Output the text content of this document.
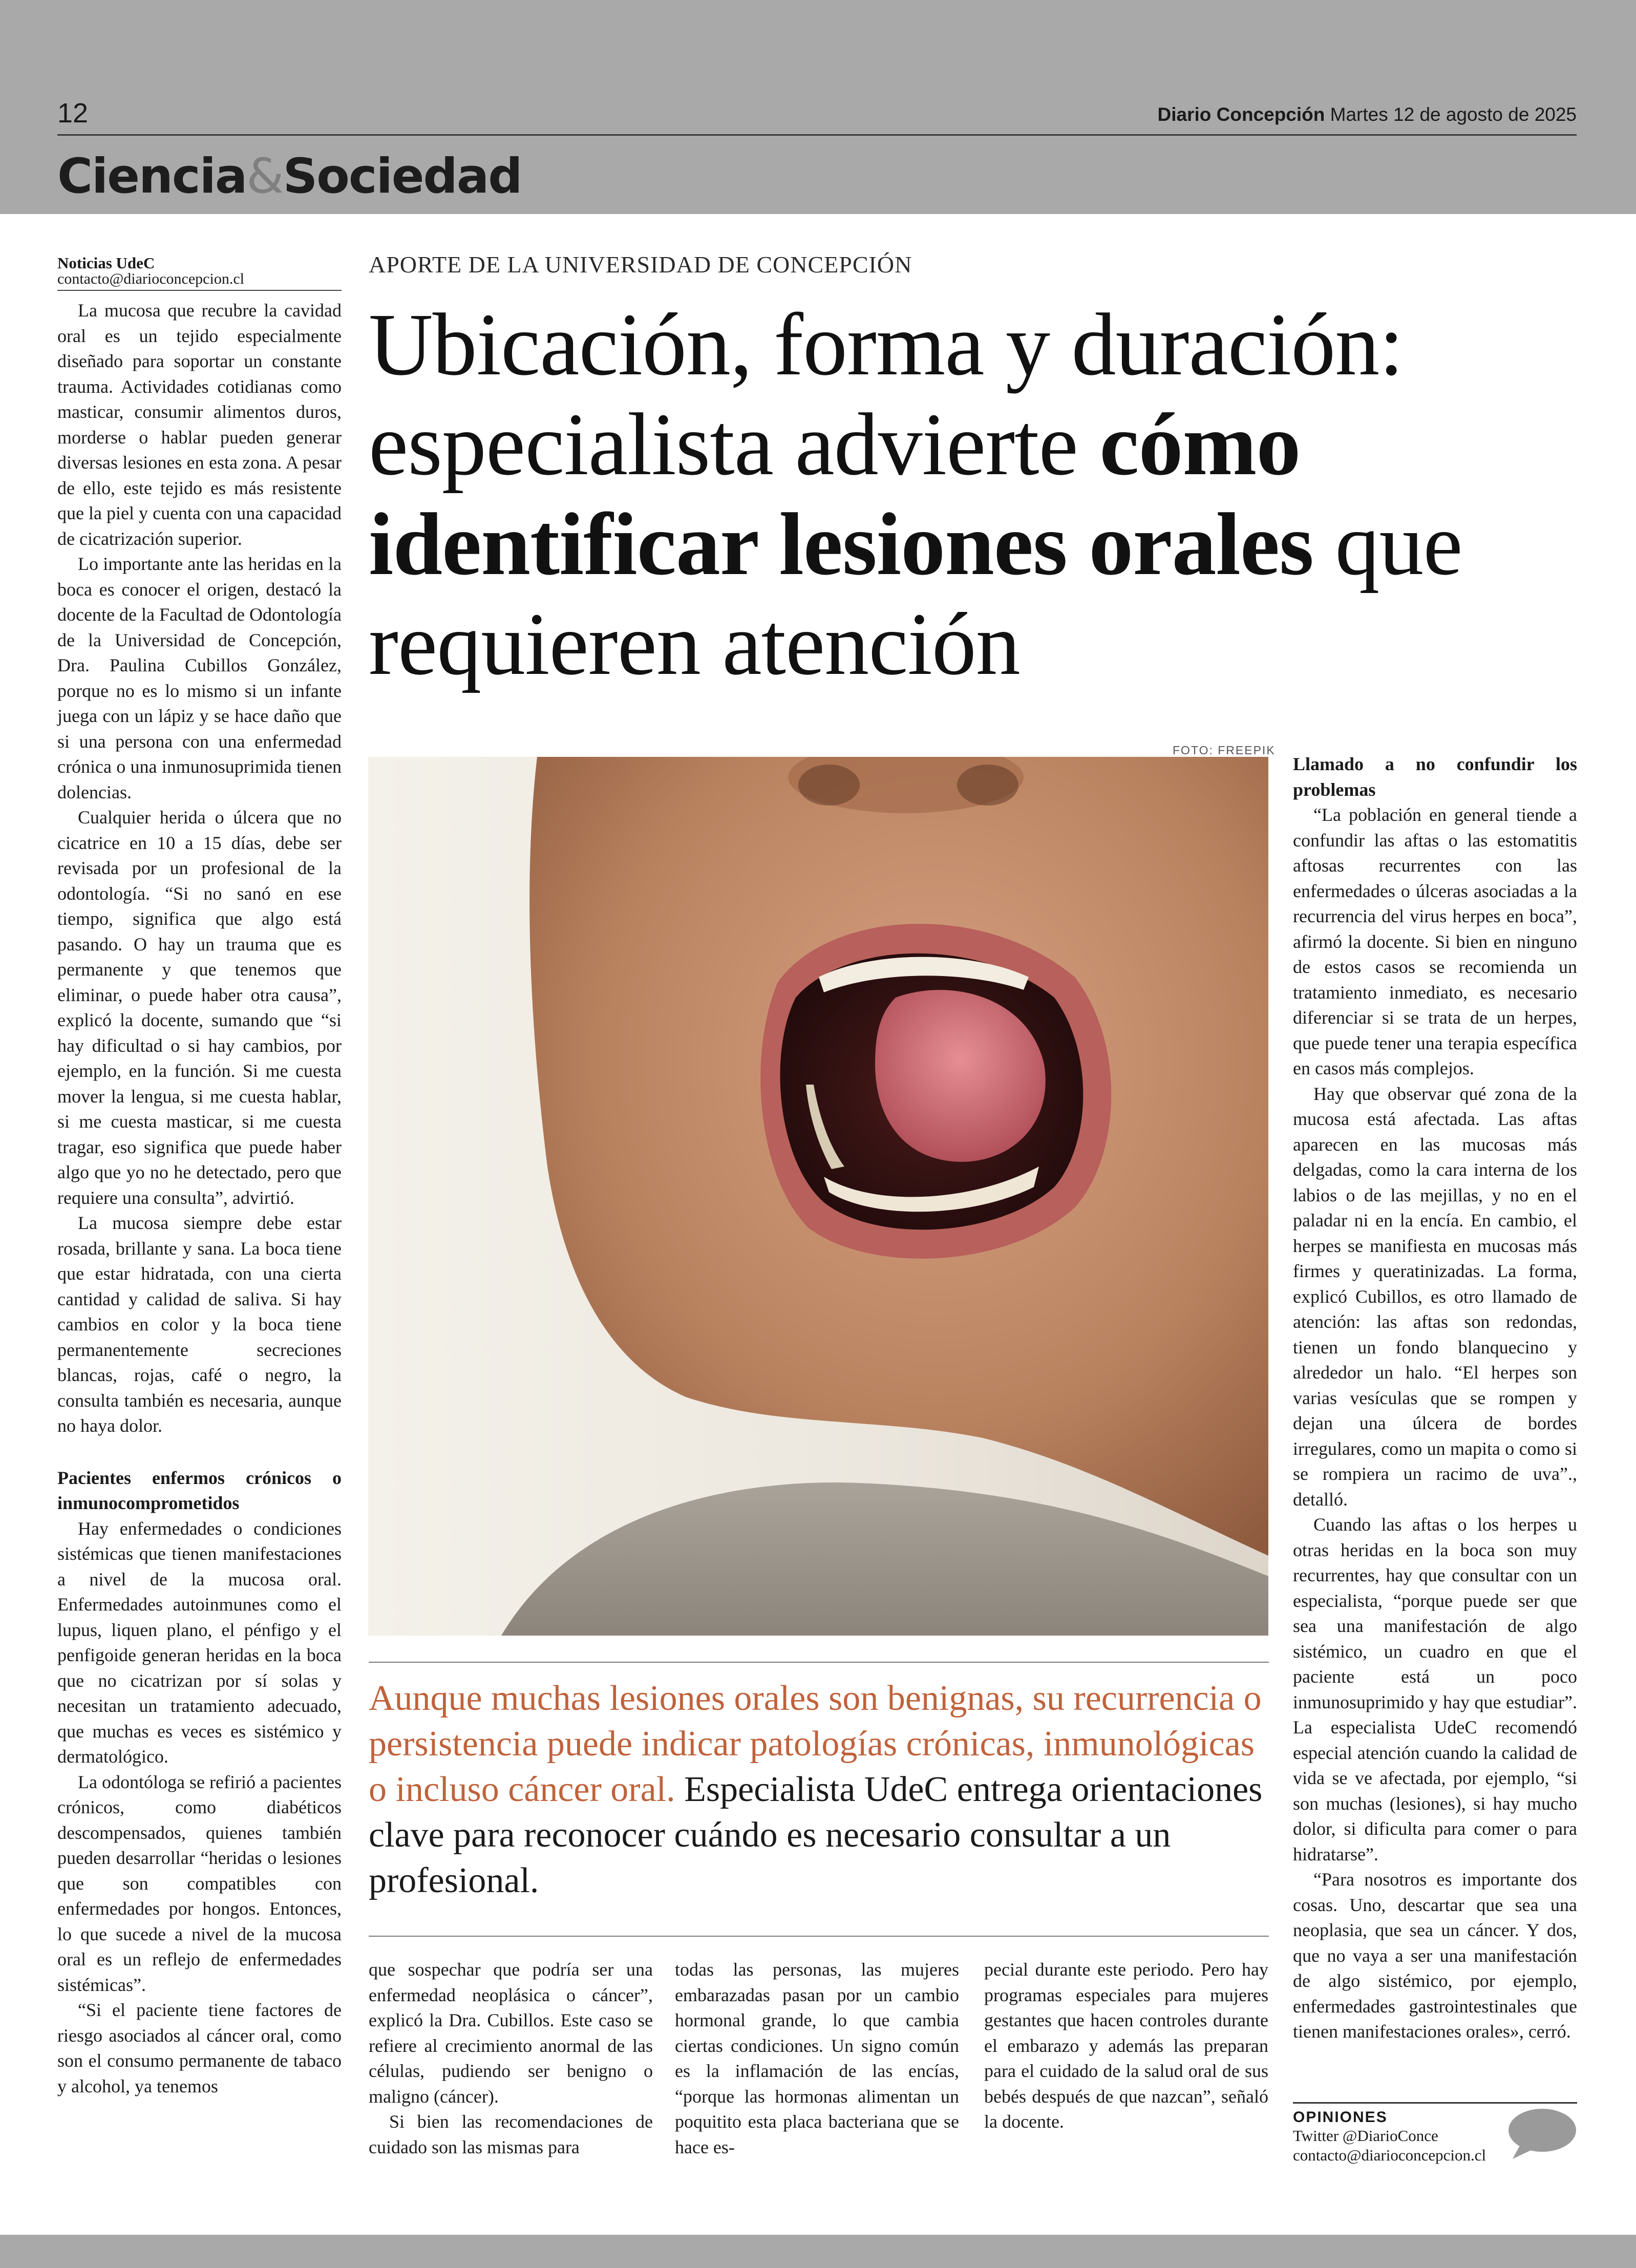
12	Diario Concepción Martes 12 de agosto de 2025
Ciencia&Sociedad
Noticias UdeC
contacto@diarioconcepcion.cl

La mucosa que recubre la cavidad oral es un tejido especialmente diseñado para soportar un constante trauma. Actividades cotidianas como masticar, consumir alimentos duros, morderse o hablar pueden generar diversas lesiones en esta zona. A pesar de ello, este tejido es más resistente que la piel y cuenta con una capacidad de cicatrización superior.

Lo importante ante las heridas en la boca es conocer el origen, destacó la docente de la Facultad de Odontología de la Universidad de Concepción, Dra. Paulina Cubillos González, porque no es lo mismo si un infante juega con un lápiz y se hace daño que si una persona con una enfermedad crónica o una inmunosuprimida tienen dolencias.

Cualquier herida o úlcera que no cicatrice en 10 a 15 días, debe ser revisada por un profesional de la odontología. “Si no sanó en ese tiempo, significa que algo está pasando. O hay un trauma que es permanente y que tenemos que eliminar, o puede haber otra causa”, explicó la docente, sumando que “si hay dificultad o si hay cambios, por ejemplo, en la función. Si me cuesta mover la lengua, si me cuesta hablar, si me cuesta masticar, si me cuesta tragar, eso significa que puede haber algo que yo no he detectado, pero que requiere una consulta”, advirtió.

La mucosa siempre debe estar rosada, brillante y sana. La boca tiene que estar hidratada, con una cierta cantidad y calidad de saliva. Si hay cambios en color y la boca tiene permanentemente secreciones blancas, rojas, café o negro, la consulta también es necesaria, aunque no haya dolor.

Pacientes enfermos crónicos o inmunocomprometidos

Hay enfermedades o condiciones sistémicas que tienen manifestaciones a nivel de la mucosa oral. Enfermedades autoinmunes como el lupus, liquen plano, el pénfigo y el penfigoide generan heridas en la boca que no cicatrizan por sí solas y necesitan un tratamiento adecuado, que muchas es veces es sistémico y dermatológico.

La odontóloga se refirió a pacientes crónicos, como diabéticos descompensados, quienes también pueden desarrollar “heridas o lesiones que son compatibles con enfermedades por hongos. Entonces, lo que sucede a nivel de la mucosa oral es un reflejo de enfermedades sistémicas”.

“Si el paciente tiene factores de riesgo asociados al cáncer oral, como son el consumo permanente de tabaco y alcohol, ya tenemos

APORTE DE LA UNIVERSIDAD DE CONCEPCIÓN
Ubicación, forma y duración: especialista advierte cómo identificar lesiones orales que requieren atención
FOTO: FREEPIK

Aunque muchas lesiones orales son benignas, su recurrencia o persistencia puede indicar patologías crónicas, inmunológicas o incluso cáncer oral. Especialista UdeC entrega orientaciones clave para reconocer cuándo es necesario consultar a un profesional.

que sospechar que podría ser una enfermedad neoplásica o cáncer”, explicó la Dra. Cubillos. Este caso se refiere al crecimiento anormal de las células, pudiendo ser benigno o maligno (cáncer).

Si bien las recomendaciones de cuidado son las mismas para

todas las personas, las mujeres embarazadas pasan por un cambio hormonal grande, lo que cambia ciertas condiciones. Un signo común es la inflamación de las encías, “porque las hormonas alimentan un poquitito esta placa bacteriana que se hace es-

pecial durante este periodo. Pero hay programas especiales para mujeres gestantes que hacen controles durante el embarazo y además las preparan para el cuidado de la salud oral de sus bebés después de que nazcan”, señaló la docente.

Llamado a no confundir los problemas

“La población en general tiende a confundir las aftas o las estomatitis aftosas recurrentes con las enfermedades o úlceras asociadas a la recurrencia del virus herpes en boca”, afirmó la docente. Si bien en ninguno de estos casos se recomienda un tratamiento inmediato, es necesario diferenciar si se trata de un herpes, que puede tener una terapia específica en casos más complejos.

Hay que observar qué zona de la mucosa está afectada. Las aftas aparecen en las mucosas más delgadas, como la cara interna de los labios o de las mejillas, y no en el paladar ni en la encía. En cambio, el herpes se manifiesta en mucosas más firmes y queratinizadas. La forma, explicó Cubillos, es otro llamado de atención: las aftas son redondas, tienen un fondo blanquecino y alrededor un halo. “El herpes son varias vesículas que se rompen y dejan una úlcera de bordes irregulares, como un mapita o como si se rompiera un racimo de uva”., detalló.

Cuando las aftas o los herpes u otras heridas en la boca son muy recurrentes, hay que consultar con un especialista, “porque puede ser que sea una manifestación de algo sistémico, un cuadro en que el paciente está un poco inmunosuprimido y hay que estudiar”. La especialista UdeC recomendó especial atención cuando la calidad de vida se ve afectada, por ejemplo, “si son muchas (lesiones), si hay mucho dolor, si dificulta para comer o para hidratarse”.

“Para nosotros es importante dos cosas. Uno, descartar que sea una neoplasia, que sea un cáncer. Y dos, que no vaya a ser una manifestación de algo sistémico, por ejemplo, enfermedades gastrointestinales que tienen manifestaciones orales», cerró.

OPINIONES
Twitter @DiarioConce
contacto@diarioconcepcion.cl
